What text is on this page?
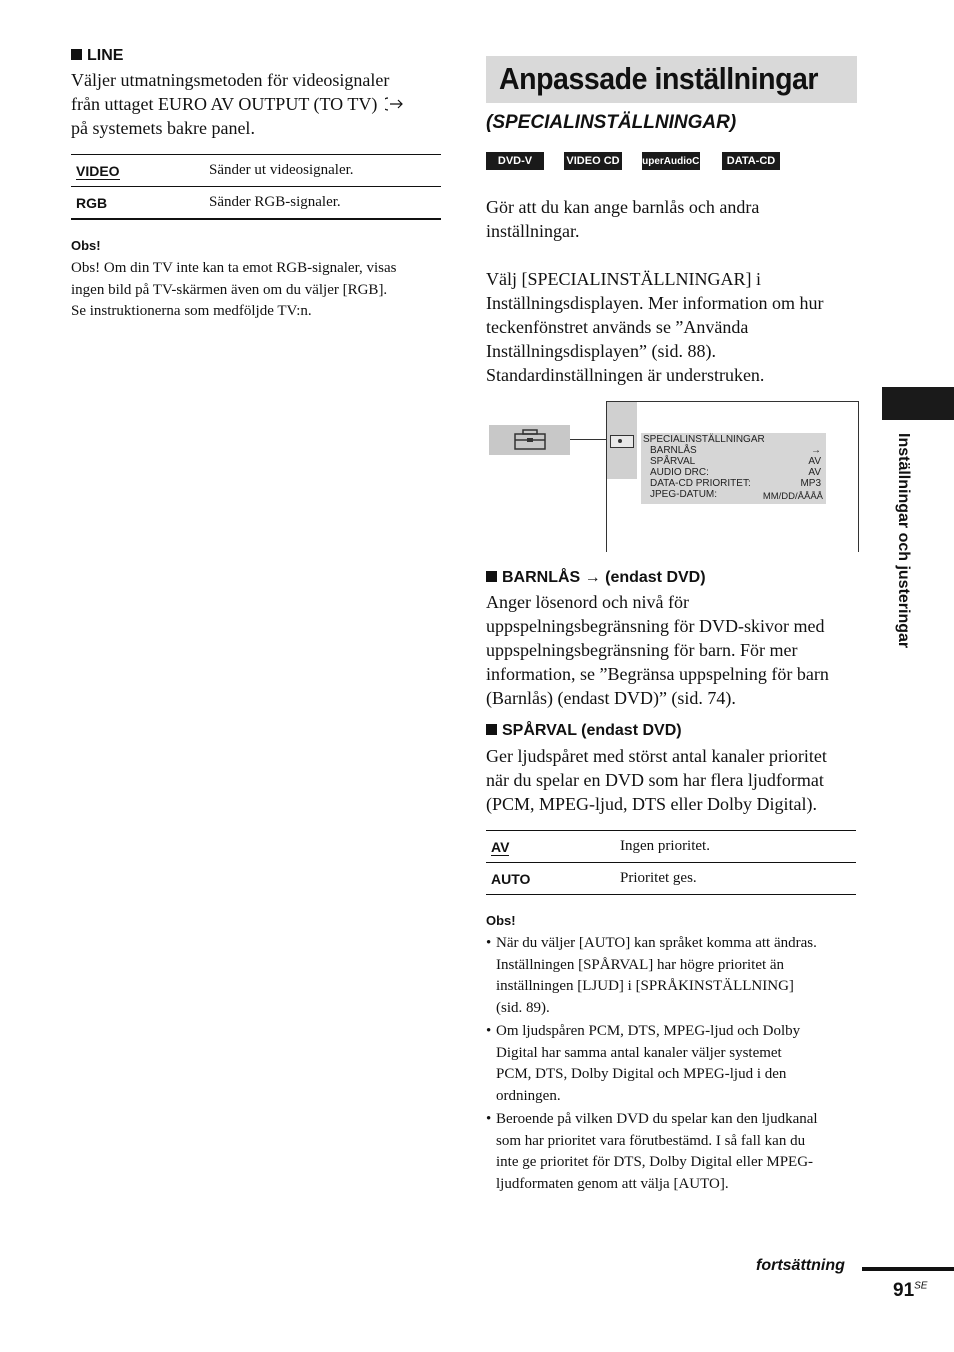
LINE
Väljer utmatningsmetoden för videosignaler
från uttaget EURO AV OUTPUT (TO TV)
på systemets bakre panel.
VIDEO	Sänder ut videosignaler.
RGB	Sänder RGB-signaler.
Obs!
Obs! Om din TV inte kan ta emot RGB-signaler, visas
ingen bild på TV-skärmen även om du väljer [RGB].
Se instruktionerna som medföljde TV:n.
Anpassade inställningar
(SPECIALINSTÄLLNINGAR)
DVD-V	VIDEO CD SuperAudioCD	DATA-CD
Gör att du kan ange barnlås och andra
inställningar.
Välj [SPECIALINSTÄLLNINGAR] i
Inställningsdisplayen. Mer information om hur
teckenfönstret används se ”Använda
Inställningsdisplayen” (sid. 88).
Standardinställningen är understruken.
SPECIALINSTÄLLNINGAR
BARNLÅS	→
SPÅRVAL	AV
AUDIO DRC:	AV
DATA-CD PRIORITET:	MP3
JPEG-DATUM:	MM/DD/ÅÅÅÅ
BARNLÅS → (endast DVD)
Anger lösenord och nivå för
uppspelningsbegränsning för DVD-skivor med
uppspelningsbegränsning för barn. För mer
information, se ”Begränsa uppspelning för barn
(Barnlås) (endast DVD)” (sid. 74).
SPÅRVAL (endast DVD)
Ger ljudspåret med störst antal kanaler prioritet
när du spelar en DVD som har flera ljudformat
(PCM, MPEG-ljud, DTS eller Dolby Digital).
AV	Ingen prioritet.
AUTO	Prioritet ges.
Obs!
• När du väljer [AUTO] kan språket komma att ändras.
Inställningen [SPÅRVAL] har högre prioritet än
inställningen [LJUD] i [SPRÅKINSTÄLLNING]
(sid. 89).
• Om ljudspåren PCM, DTS, MPEG-ljud och Dolby
Digital har samma antal kanaler väljer systemet
PCM, DTS, Dolby Digital och MPEG-ljud i den
ordningen.
• Beroende på vilken DVD du spelar kan den ljudkanal
som har prioritet vara förutbestämd. I så fall kan du
inte ge prioritet för DTS, Dolby Digital eller MPEG-
ljudformaten genom att välja [AUTO].
Inställningar och justeringar
fortsättning
$91^{SE}$
